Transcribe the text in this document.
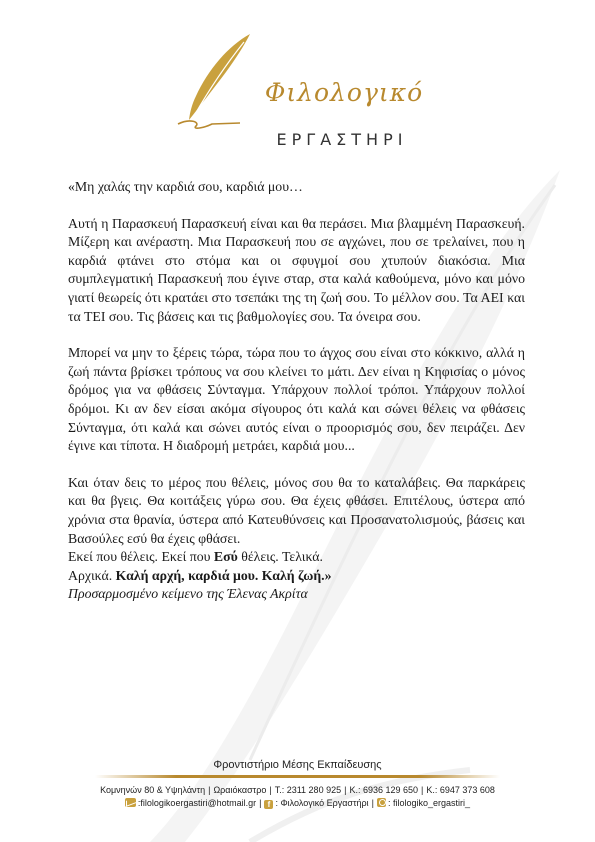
Φιλολογικό
ΕΡΓΑΣΤΗΡΙ

«Μη χαλάς την καρδιά σου, καρδιά μου…

Αυτή η Παρασκευή Παρασκευή είναι και θα περάσει. Μια βλαμμένη Παρασκευή. Μίζερη και ανέραστη. Μια Παρασκευή που σε αγχώνει, που σε τρελαίνει, που η καρδιά φτάνει στο στόμα και οι σφυγμοί σου χτυπούν διακόσια. Μια συμπλεγματική Παρασκευή που έγινε σταρ, στα καλά καθούμενα, μόνο και μόνο γιατί θεωρείς ότι κρατάει στο τσεπάκι της τη ζωή σου. Το μέλλον σου. Τα ΑΕΙ και τα ΤΕΙ σου. Τις βάσεις και τις βαθμολογίες σου. Τα όνειρα σου.

Μπορεί να μην το ξέρεις τώρα, τώρα που το άγχος σου είναι στο κόκκινο, αλλά η ζωή πάντα βρίσκει τρόπους να σου κλείνει το μάτι. Δεν είναι η Κηφισίας ο μόνος δρόμος για να φθάσεις Σύνταγμα. Υπάρχουν πολλοί τρόποι. Υπάρχουν πολλοί δρόμοι. Κι αν δεν είσαι ακόμα σίγουρος ότι καλά και σώνει θέλεις να φθάσεις Σύνταγμα, ότι καλά και σώνει αυτός είναι ο προορισμός σου, δεν πειράζει. Δεν έγινε και τίποτα. Η διαδρομή μετράει, καρδιά μου...

Και όταν δεις το μέρος που θέλεις, μόνος σου θα το καταλάβεις. Θα παρκάρεις και θα βγεις. Θα κοιτάξεις γύρω σου. Θα έχεις φθάσει. Επιτέλους, ύστερα από χρόνια στα θρανία, ύστερα από Κατευθύνσεις και Προσανατολισμούς, βάσεις και Βασούλες εσύ θα έχεις φθάσει.

Εκεί που θέλεις. Εκεί που Εσύ θέλεις. Τελικά.

Αρχικά. Καλή αρχή, καρδιά μου. Καλή ζωή.»

Προσαρμοσμένο κείμενο της Έλενας Ακρίτα

Φροντιστήριο Μέσης Εκπαίδευσης
Κομνηνών 80 & Υψηλάντη | Ωραιόκαστρο | Τ.: 2311 280 925 | Κ.: 6936 129 650 | Κ.: 6947 373 608
:filologikoergastiri@hotmail.gr | f : Φιλολογικό Εργαστήρι | : filologiko_ergastiri_
